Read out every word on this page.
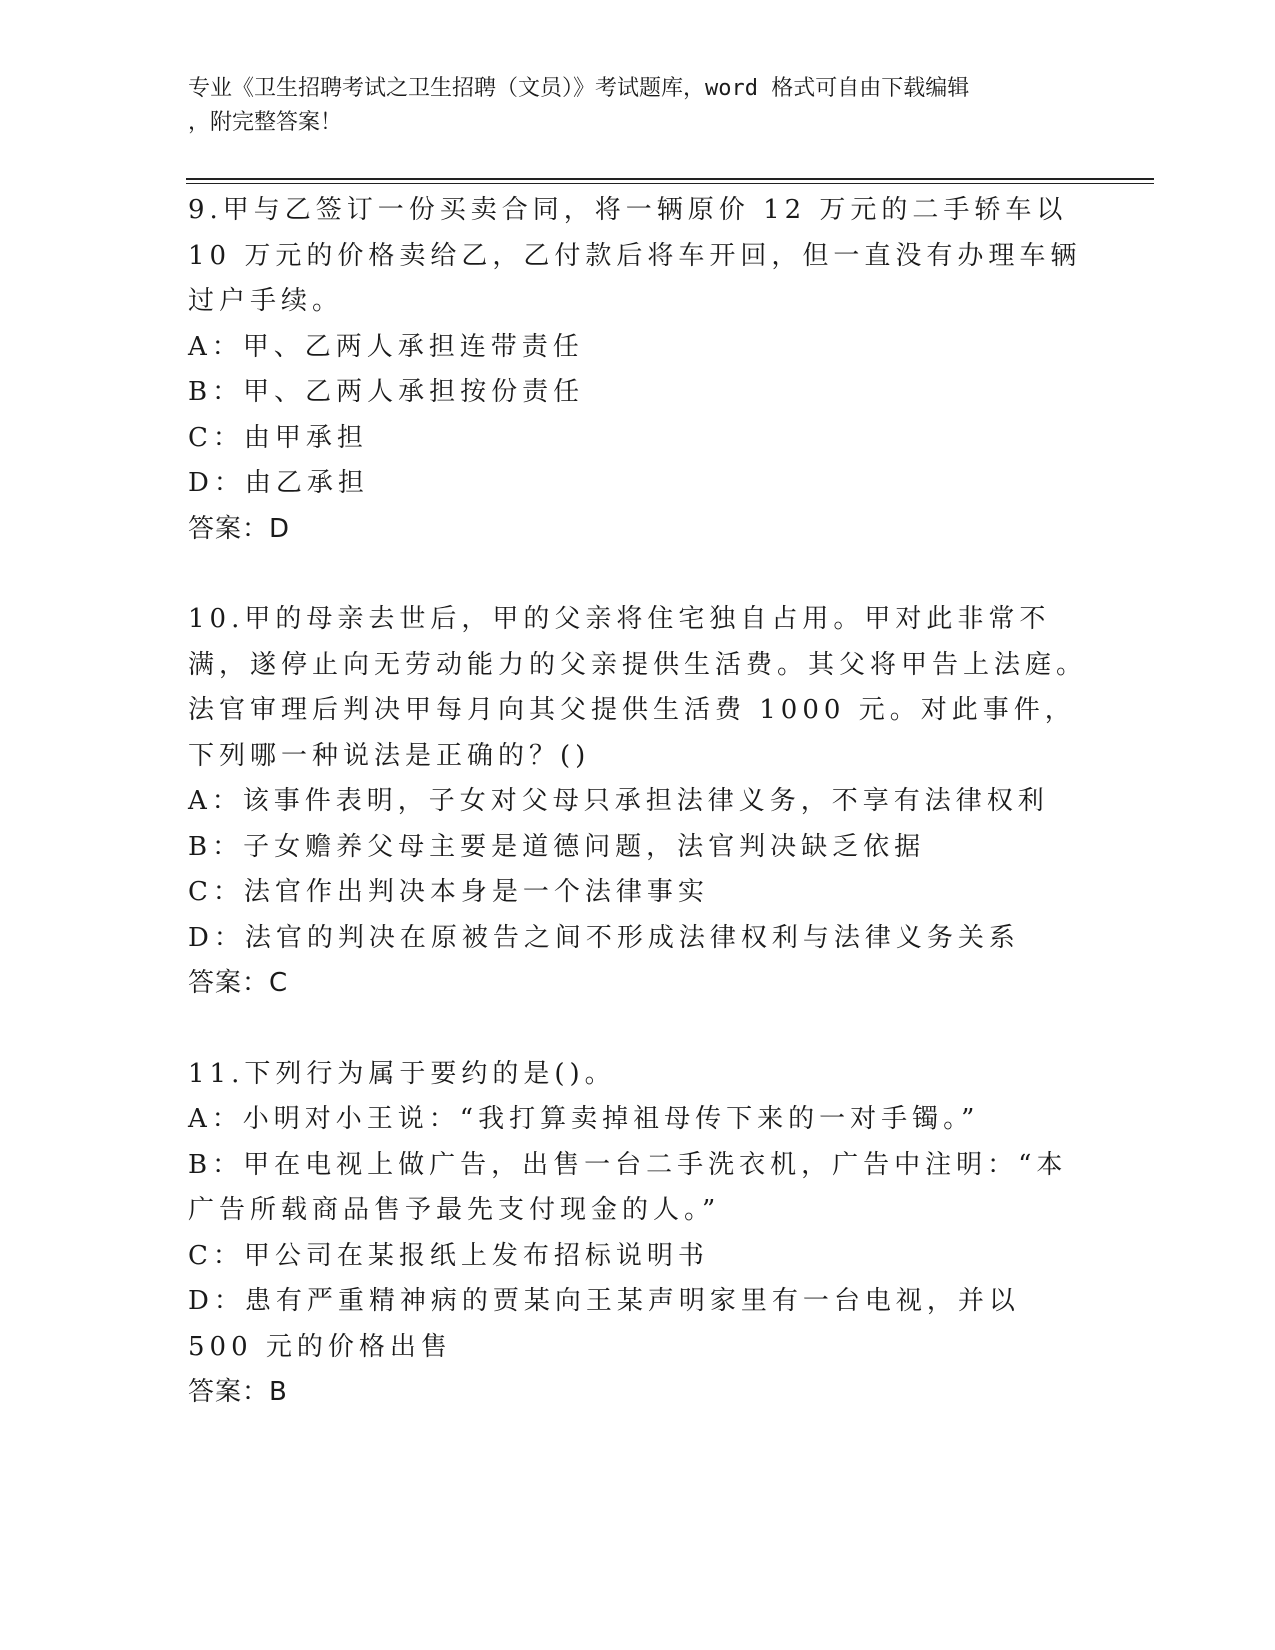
专业《卫生招聘考试之卫生招聘（文员）》考试题库，word 格式可自由下载编辑
，附完整答案！

9.甲与乙签订一份买卖合同，将一辆原价 12 万元的二手轿车以 10 万元的价格卖给乙，乙付款后将车开回，但一直没有办理车辆过户手续。

A：甲、乙两人承担连带责任

B：甲、乙两人承担按份责任

C：由甲承担

D：由乙承担

答案：D

10.甲的母亲去世后，甲的父亲将住宅独自占用。甲对此非常不满，遂停止向无劳动能力的父亲提供生活费。其父将甲告上法庭。法官审理后判决甲每月向其父提供生活费 1000 元。对此事件，下列哪一种说法是正确的？()

A：该事件表明，子女对父母只承担法律义务，不享有法律权利

B：子女赡养父母主要是道德问题，法官判决缺乏依据

C：法官作出判决本身是一个法律事实

D：法官的判决在原被告之间不形成法律权利与法律义务关系

答案：C

11.下列行为属于要约的是()。

A：小明对小王说：“我打算卖掉祖母传下来的一对手镯。”

B：甲在电视上做广告，出售一台二手洗衣机，广告中注明：“本广告所载商品售予最先支付现金的人。”

C：甲公司在某报纸上发布招标说明书

D：患有严重精神病的贾某向王某声明家里有一台电视，并以 500 元的价格出售

答案：B
